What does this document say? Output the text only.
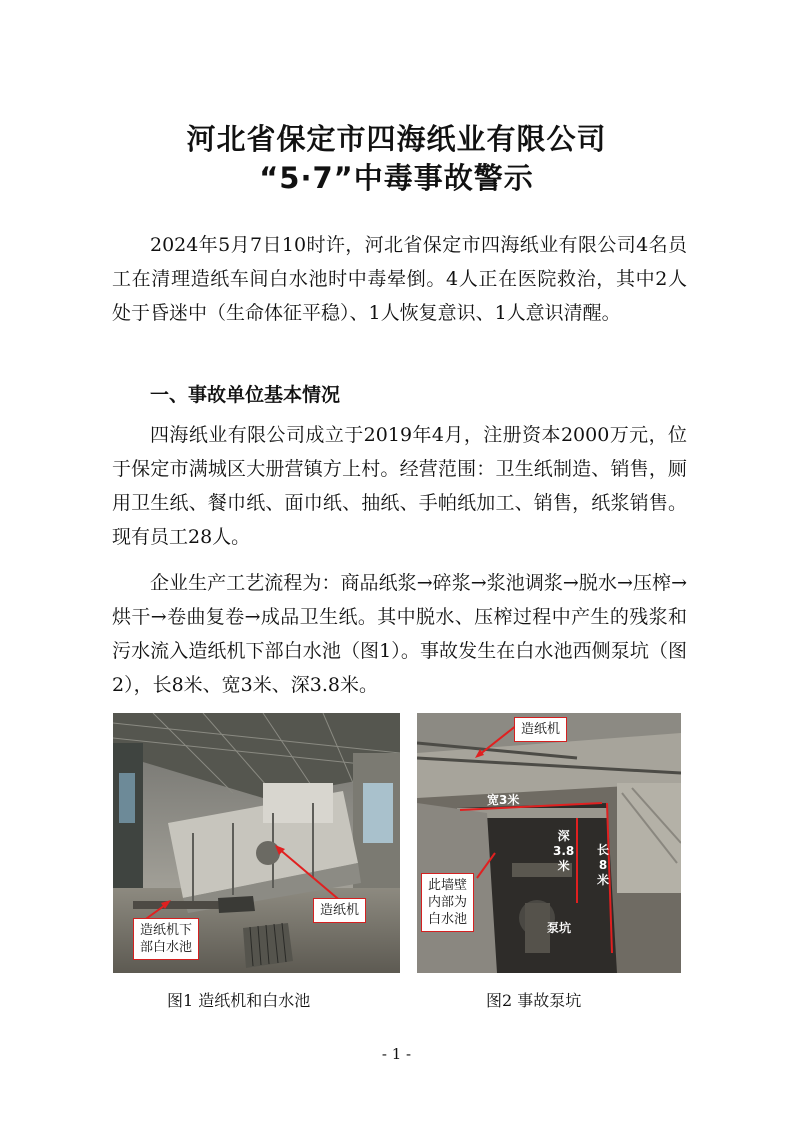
河北省保定市四海纸业有限公司
“5·7”中毒事故警示

2024年5月7日10时许，河北省保定市四海纸业有限公司4名员工在清理造纸车间白水池时中毒晕倒。4人正在医院救治，其中2人处于昏迷中（生命体征平稳）、1人恢复意识、1人意识清醒。

一、事故单位基本情况

四海纸业有限公司成立于2019年4月，注册资本2000万元，位于保定市满城区大册营镇方上村。经营范围：卫生纸制造、销售，厕用卫生纸、餐巾纸、面巾纸、抽纸、手帕纸加工、销售，纸浆销售。现有员工28人。

企业生产工艺流程为：商品纸浆→碎浆→浆池调浆→脱水→压榨→烘干→卷曲复卷→成品卫生纸。其中脱水、压榨过程中产生的残浆和污水流入造纸机下部白水池（图1）。事故发生在白水池西侧泵坑（图2），长8米、宽3米、深3.8米。

造纸机
造纸机下
部白水池
造纸机
此墙壁
内部为
白水池
宽3米
深
3.8
米
长
8
米
泵坑
图1 造纸机和白水池	图2 事故泵坑
- 1 -
